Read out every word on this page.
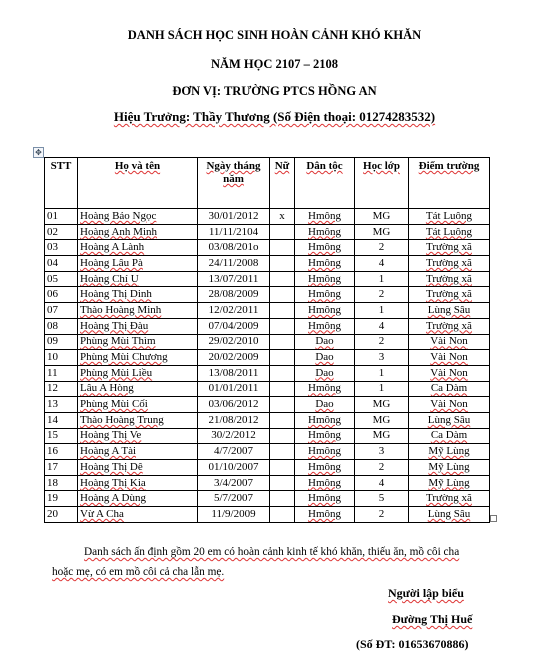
DANH SÁCH HỌC SINH HOÀN CẢNH KHÓ KHĂN
NĂM HỌC 2107 – 2108
ĐƠN VỊ: TRƯỜNG PTCS HỒNG AN
Hiệu Trưởng: Thầy Thương (Số Điện thoại: 01274283532)
✥
STT	Họ và tên	Ngày tháng năm	Nữ	Dân tộc	Học lớp	Điểm trường
01	Hoàng Bảo Ngọc	30/01/2012	x	Hmông	MG	Tát Luông
02	Hoàng Anh Minh	11/11/2104		Hmông	MG	Tát Luông
03	Hoàng A Lành	03/08/201o		Hmông	2	Trường xã
04	Hoàng Lâu Pà	24/11/2008		Hmông	4	Trường xã
05	Hoàng Chí U	13/07/2011		Hmông	1	Trường xã
06	Hoàng Thị Dinh	28/08/2009		Hmông	2	Trường xã
07	Thào Hoàng Minh	12/02/2011		Hmông	1	Lùng Sâu
08	Hoàng Thị Đàu	07/04/2009		Hmông	4	Trường xã
09	Phùng Mùi Thìm	29/02/2010		Dao	2	Vài Non
10	Phùng Mùi Chương	20/02/2009		Dao	3	Vài Non
11	Phùng Mùi Liều	13/08/2011		Dao	1	Vài Non
12	Lâu A Hòng	01/01/2011		Hmông	1	Ca Dàm
13	Phùng Mùi Cối	03/06/2012		Dao	MG	Vài Non
14	Thào Hoàng Trung	21/08/2012		Hmông	MG	Lùng Sâu
15	Hoàng Thị Ve	30/2/2012		Hmông	MG	Ca Dàm
16	Hoàng A Tài	4/7/2007		Hmông	3	Mỹ Lùng
17	Hoàng Thị Dê	01/10/2007		Hmông	2	Mỹ Lùng
18	Hoàng Thị Kia	3/4/2007		Hmông	4	Mỹ Lùng
19	Hoàng A Dùng	5/7/2007		Hmông	5	Trường xã
20	Vừ A Cha	11/9/2009		Hmông	2	Lùng Sâu
Danh sách ấn định gồm 20 em có hoàn cảnh kinh tế khó khăn, thiếu ăn, mồ côi cha hoặc mẹ, có em mồ côi cả cha lẫn mẹ.
Người lập biểu
Đường Thị Huế
(Số ĐT: 01653670886)
